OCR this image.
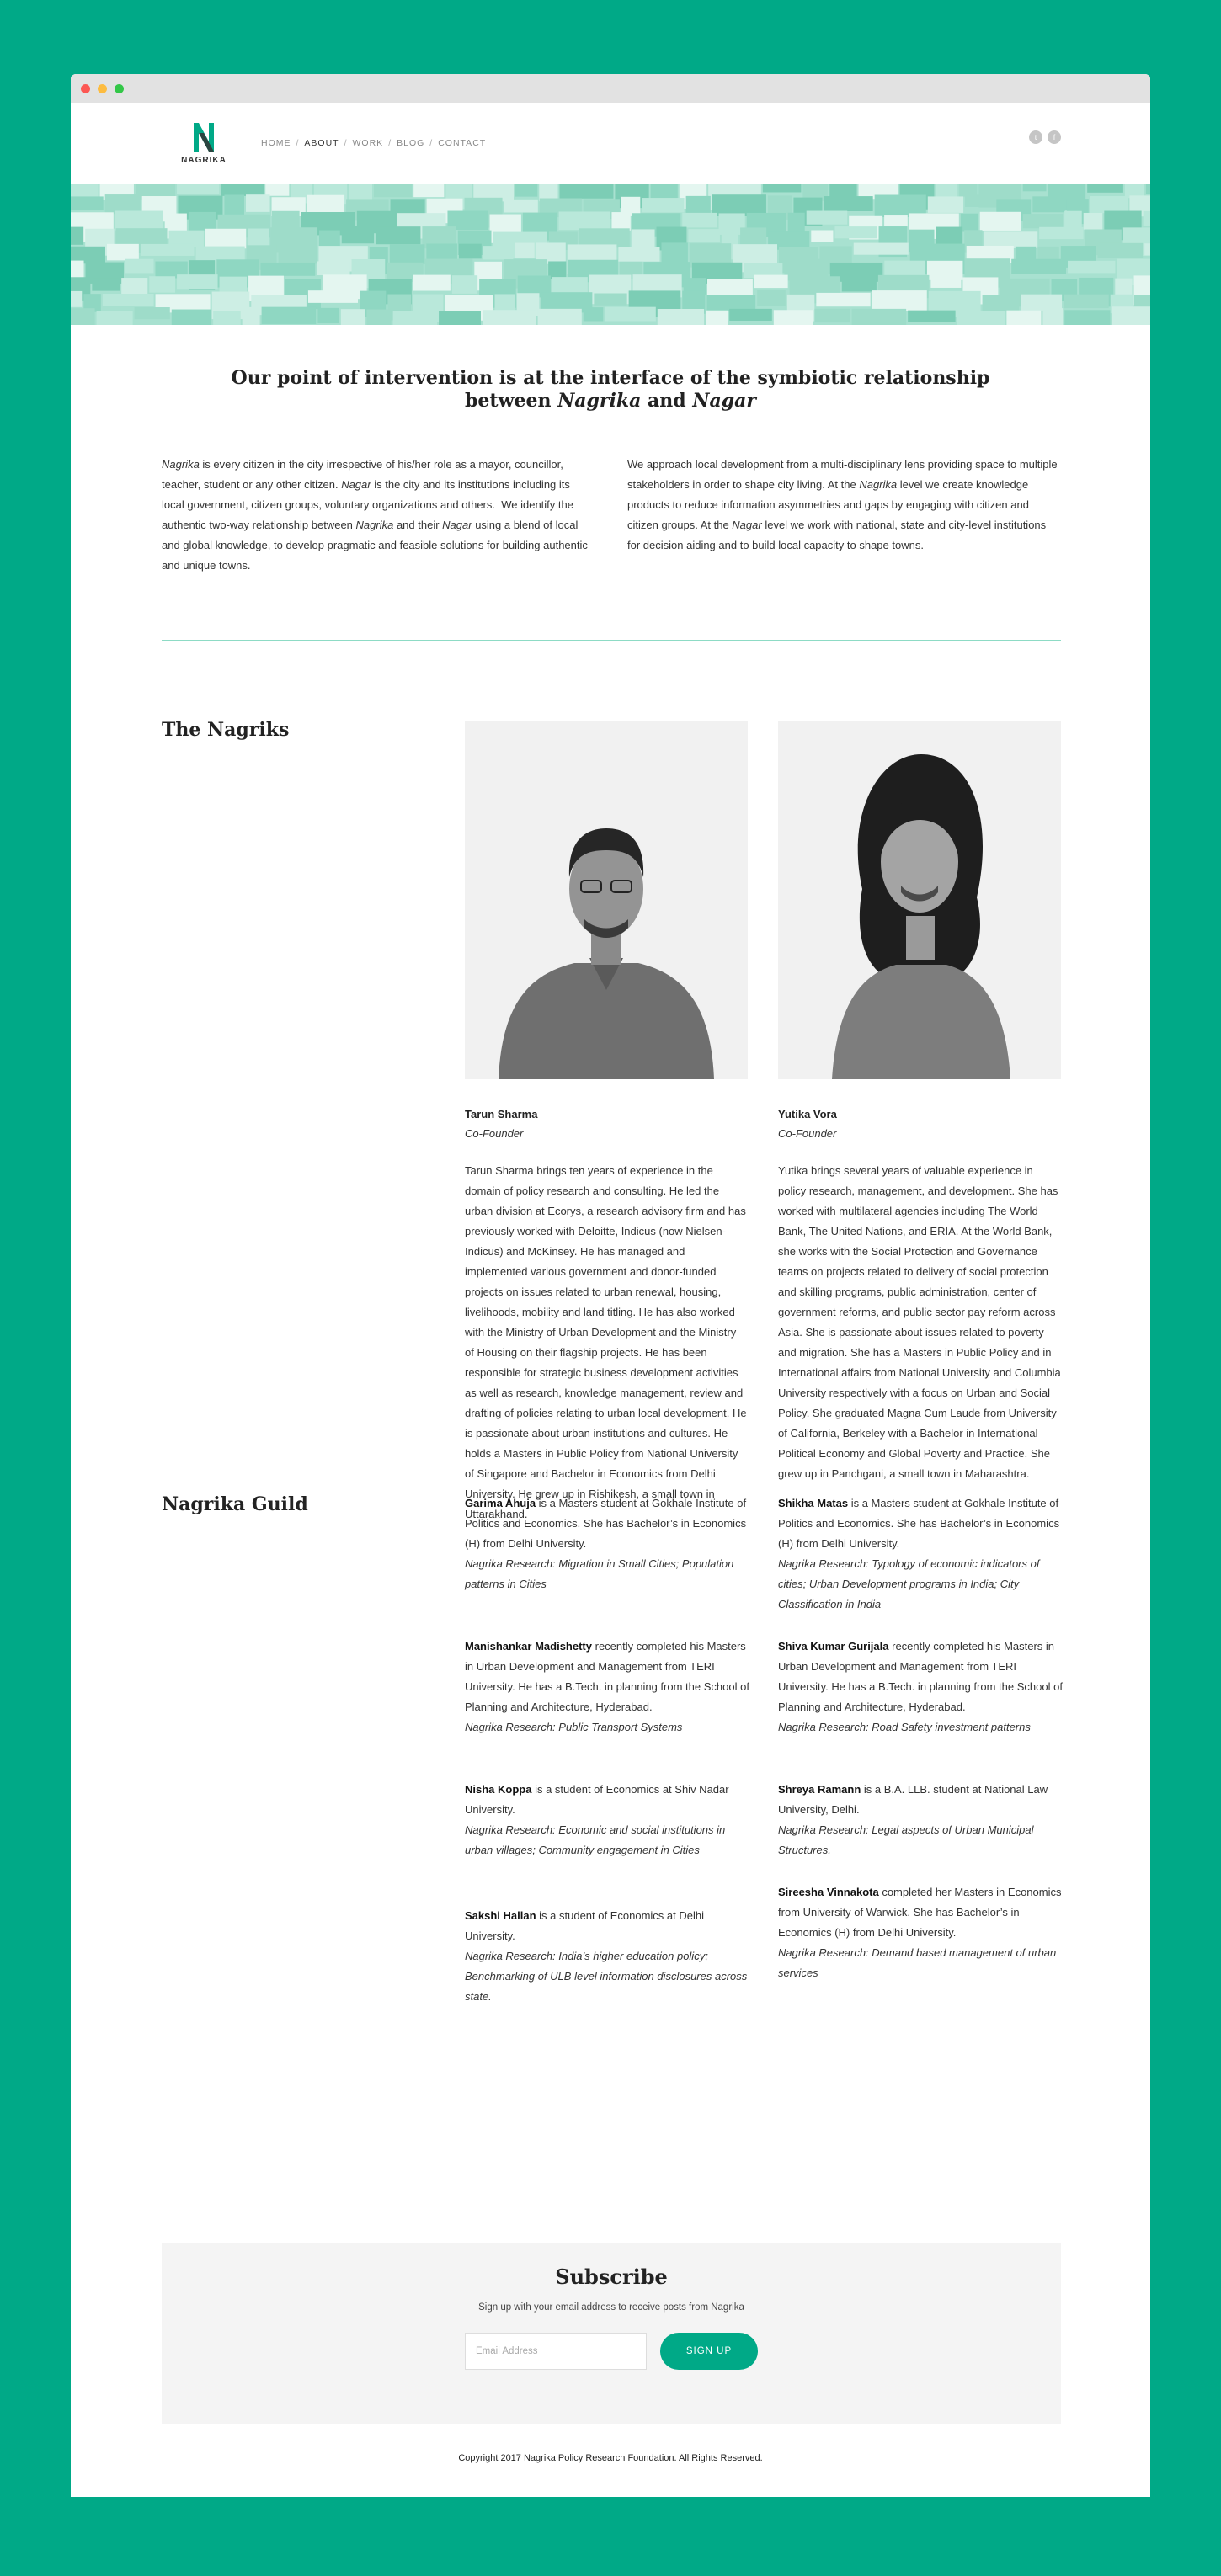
NAGRIKA
HOME / ABOUT / WORK / BLOG / CONTACT
t	f
Our point of intervention is at the interface of the symbiotic relationship
between Nagrika and Nagar

Nagrika is every citizen in the city irrespective of his/her role as a mayor, councillor, teacher, student or any other citizen. Nagar is the city and its institutions including its local government, citizen groups, voluntary organizations and others.  We identify the authentic two-way relationship between Nagrika and their Nagar using a blend of local and global knowledge, to develop pragmatic and feasible solutions for building authentic and unique towns.

We approach local development from a multi-disciplinary lens providing space to multiple stakeholders in order to shape city living. At the Nagrika level we create knowledge products to reduce information asymmetries and gaps by engaging with citizen and citizen groups. At the Nagar level we work with national, state and city-level institutions for decision aiding and to build local capacity to shape towns.

The Nagriks
Tarun Sharma
Co-Founder

Tarun Sharma brings ten years of experience in the domain of policy research and consulting. He led the urban division at Ecorys, a research advisory firm and has previously worked with Deloitte, Indicus (now Nielsen-Indicus) and McKinsey. He has managed and implemented various government and donor-funded projects on issues related to urban renewal, housing, livelihoods, mobility and land titling. He has also worked with the Ministry of Urban Development and the Ministry of Housing on their flagship projects. He has been responsible for strategic business development activities as well as research, knowledge management, review and drafting of policies relating to urban local development. He is passionate about urban institutions and cultures. He holds a Masters in Public Policy from National University of Singapore and Bachelor in Economics from Delhi University. He grew up in Rishikesh, a small town in Uttarakhand.

Yutika Vora
Co-Founder

Yutika brings several years of valuable experience in policy research, management, and development. She has worked with multilateral agencies including The World Bank, The United Nations, and ERIA. At the World Bank, she works with the Social Protection and Governance teams on projects related to delivery of social protection and skilling programs, public administration, center of government reforms, and public sector pay reform across Asia. She is passionate about issues related to poverty and migration. She has a Masters in Public Policy and in International affairs from National University and Columbia University respectively with a focus on Urban and Social Policy. She graduated Magna Cum Laude from University of California, Berkeley with a Bachelor in International Political Economy and Global Poverty and Practice. She grew up in Panchgani, a small town in Maharashtra.

Nagrika Guild	Garima Ahuja is a Masters student at Gokhale Institute of Politics and Economics. She has Bachelor’s in Economics (H) from Delhi University.
Nagrika Research: Migration in Small Cities; Population patterns in Cities
Shikha Matas is a Masters student at Gokhale Institute of Politics and Economics. She has Bachelor’s in Economics (H) from Delhi University.
Nagrika Research: Typology of economic indicators of cities; Urban Development programs in India; City Classification in India
Manishankar Madishetty recently completed his Masters in Urban Development and Management from TERI University. He has a B.Tech. in planning from the School of Planning and Architecture, Hyderabad.
Nagrika Research: Public Transport Systems
Shiva Kumar Gurijala recently completed his Masters in Urban Development and Management from TERI University. He has a B.Tech. in planning from the School of Planning and Architecture, Hyderabad.
Nagrika Research: Road Safety investment patterns
Nisha Koppa is a student of Economics at Shiv Nadar University.
Nagrika Research: Economic and social institutions in urban villages; Community engagement in Cities
Shreya Ramann is a B.A. LLB. student at National Law University, Delhi.
Nagrika Research: Legal aspects of Urban Municipal Structures.
Sakshi Hallan is a student of Economics at Delhi University.
Nagrika Research: India’s higher education policy; Benchmarking of ULB level information disclosures across state.
Sireesha Vinnakota completed her Masters in Economics from University of Warwick. She has Bachelor’s in Economics (H) from Delhi University.
Nagrika Research: Demand based management of urban services
Subscribe

Sign up with your email address to receive posts from Nagrika

Email Address	SIGN UP
Copyright 2017 Nagrika Policy Research Foundation. All Rights Reserved.
